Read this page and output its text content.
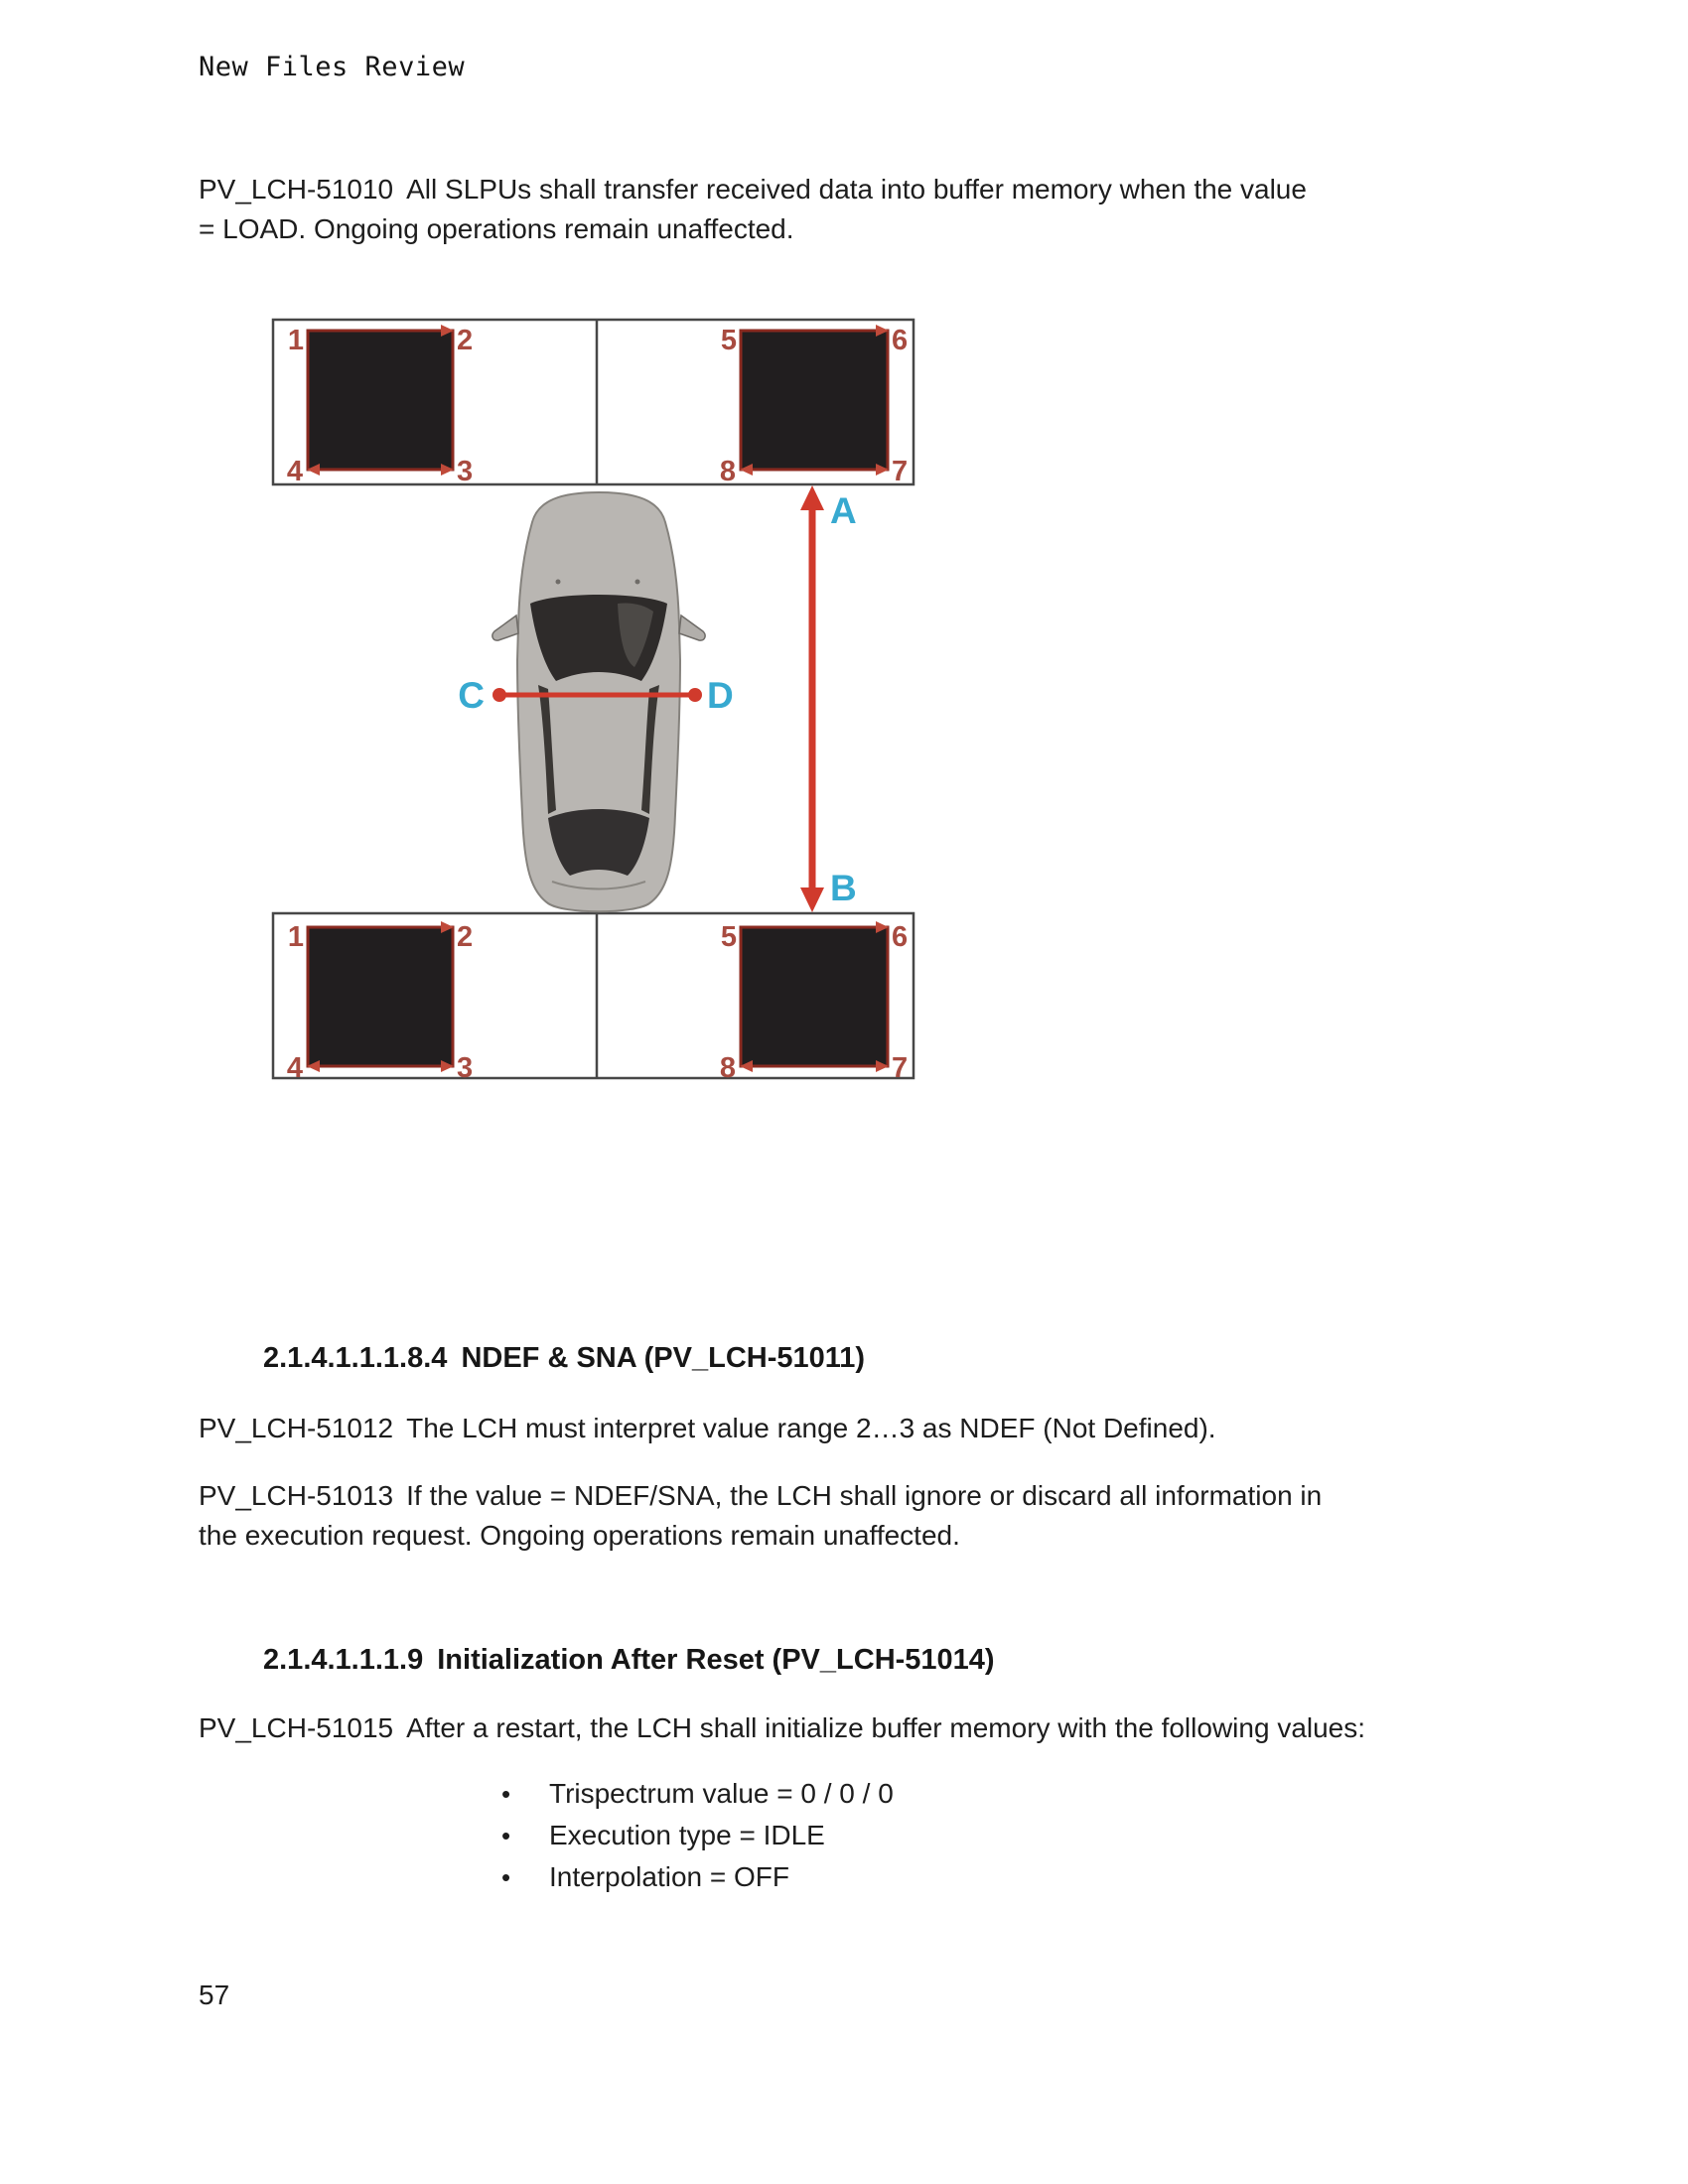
New Files Review
PV_LCH-51010 All SLPUs shall transfer received data into buffer memory when the value
= LOAD. Ongoing operations remain unaffected.
1	2
3
4
5	6
7
8
1	2
3
4
5	6
7
8
A
B
C	D
2.1.4.1.1.1.8.4 NDEF & SNA (PV_LCH-51011)
PV_LCH-51012 The LCH must interpret value range 2…3 as NDEF (Not Defined).
PV_LCH-51013 If the value = NDEF/SNA, the LCH shall ignore or discard all information in
the execution request. Ongoing operations remain unaffected.
2.1.4.1.1.1.9 Initialization After Reset (PV_LCH-51014)
PV_LCH-51015 After a restart, the LCH shall initialize buffer memory with the following values:
• Trispectrum value = 0 / 0 / 0
• Execution type = IDLE
• Interpolation = OFF
57
